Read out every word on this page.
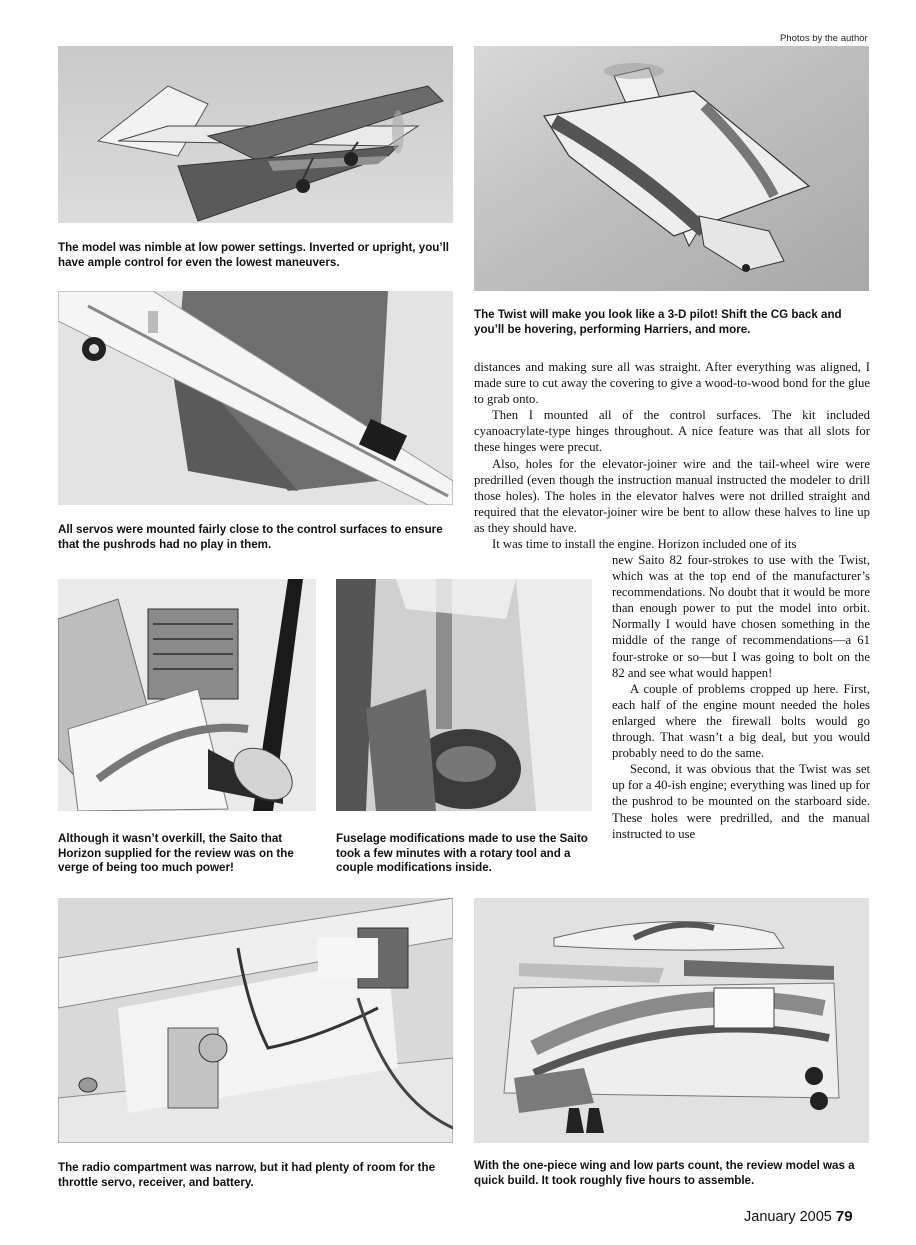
Photos by the author

The model was nimble at low power settings. Inverted or upright, you’ll have ample control for even the lowest maneuvers.

The Twist will make you look like a 3-D pilot! Shift the CG back and you’ll be hovering, performing Harriers, and more.

distances and making sure all was straight. After everything was aligned, I made sure to cut away the covering to give a wood-to-wood bond for the glue to grab onto.

Then I mounted all of the control surfaces. The kit included cyanoacrylate-type hinges throughout. A nice feature was that all slots for these hinges were precut.

Also, holes for the elevator-joiner wire and the tail-wheel wire were predrilled (even though the instruction manual instructed the modeler to drill those holes). The holes in the elevator halves were not drilled straight and required that the elevator-joiner wire be bent to allow these halves to line up as they should have.

It was time to install the engine. Horizon included one of its

All servos were mounted fairly close to the control surfaces to ensure that the pushrods had no play in them.

new Saito 82 four-strokes to use with the Twist, which was at the top end of the manufacturer’s recommendations. No doubt that it would be more than enough power to put the model into orbit. Normally I would have chosen something in the middle of the range of recommendations—a 61 four-stroke or so—but I was going to bolt on the 82 and see what would happen!

A couple of problems cropped up here. First, each half of the engine mount needed the holes enlarged where the firewall bolts would go through. That wasn’t a big deal, but you would probably need to do the same.

Second, it was obvious that the Twist was set up for a 40-ish engine; everything was lined up for the pushrod to be mounted on the starboard side. These holes were predrilled, and the manual instructed to use

Although it wasn’t overkill, the Saito that Horizon supplied for the review was on the verge of being too much power!

Fuselage modifications made to use the Saito took a few minutes with a rotary tool and a couple modifications inside.

The radio compartment was narrow, but it had plenty of room for the throttle servo, receiver, and battery.

With the one-piece wing and low parts count, the review model was a quick build. It took roughly five hours to assemble.

January 2005 79
